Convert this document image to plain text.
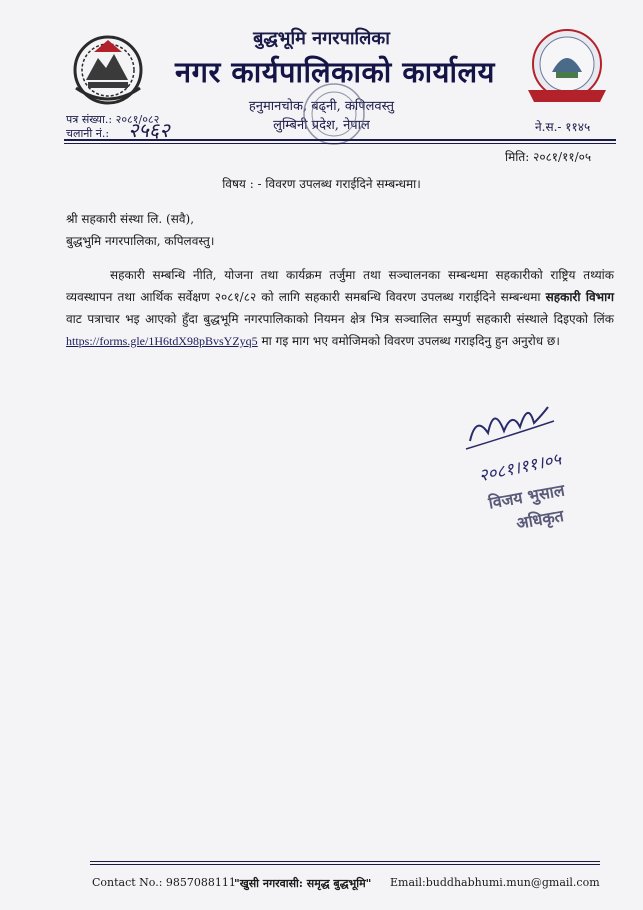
बुद्धभूमि नगरपालिका
नगर कार्यपालिकाको कार्यालय
हनुमानचोक, बढ्नी, कपिलवस्तु
लुम्बिनी प्रदेश, नेपाल
पत्र संख्या.: २०८१/०८२
चलानी नं.: २५६२	ने.स.- ११४५
मिति: २०८१/११/०५
विषय : - विवरण उपलब्ध गराईदिने सम्बन्धमा।
श्री सहकारी संस्था लि. (सवै),
बुद्धभुमि नगरपालिका, कपिलवस्तु।
सहकारी सम्बन्धि नीति, योजना तथा कार्यक्रम तर्जुमा तथा सञ्चालनका सम्बन्धमा सहकारीको राष्ट्रिय तथ्यांक व्यवस्थापन तथा आर्थिक सर्वेक्षण २०८१/८२ को लागि सहकारी समबन्धि विवरण उपलब्ध गराईदिने सम्बन्धमा सहकारी विभाग वाट पत्राचार भइ आएको हुँदा बुद्धभूमि नगरपालिकाको नियमन क्षेत्र भित्र सञ्चालित सम्पुर्ण सहकारी संस्थाले दिइएको लिंक https://forms.gle/1H6tdX98pBvsYZyq5 मा गइ माग भए वमोजिमको विवरण उपलब्ध गराइदिनु हुन अनुरोध छ।
२०८१।११।०५
विजय भुसाल
अधिकृत
Contact No.: 9857088111
"खुसी नगरवासी: समृद्ध बुद्धभूमि" Email:buddhabhumi.mun@gmail.com
